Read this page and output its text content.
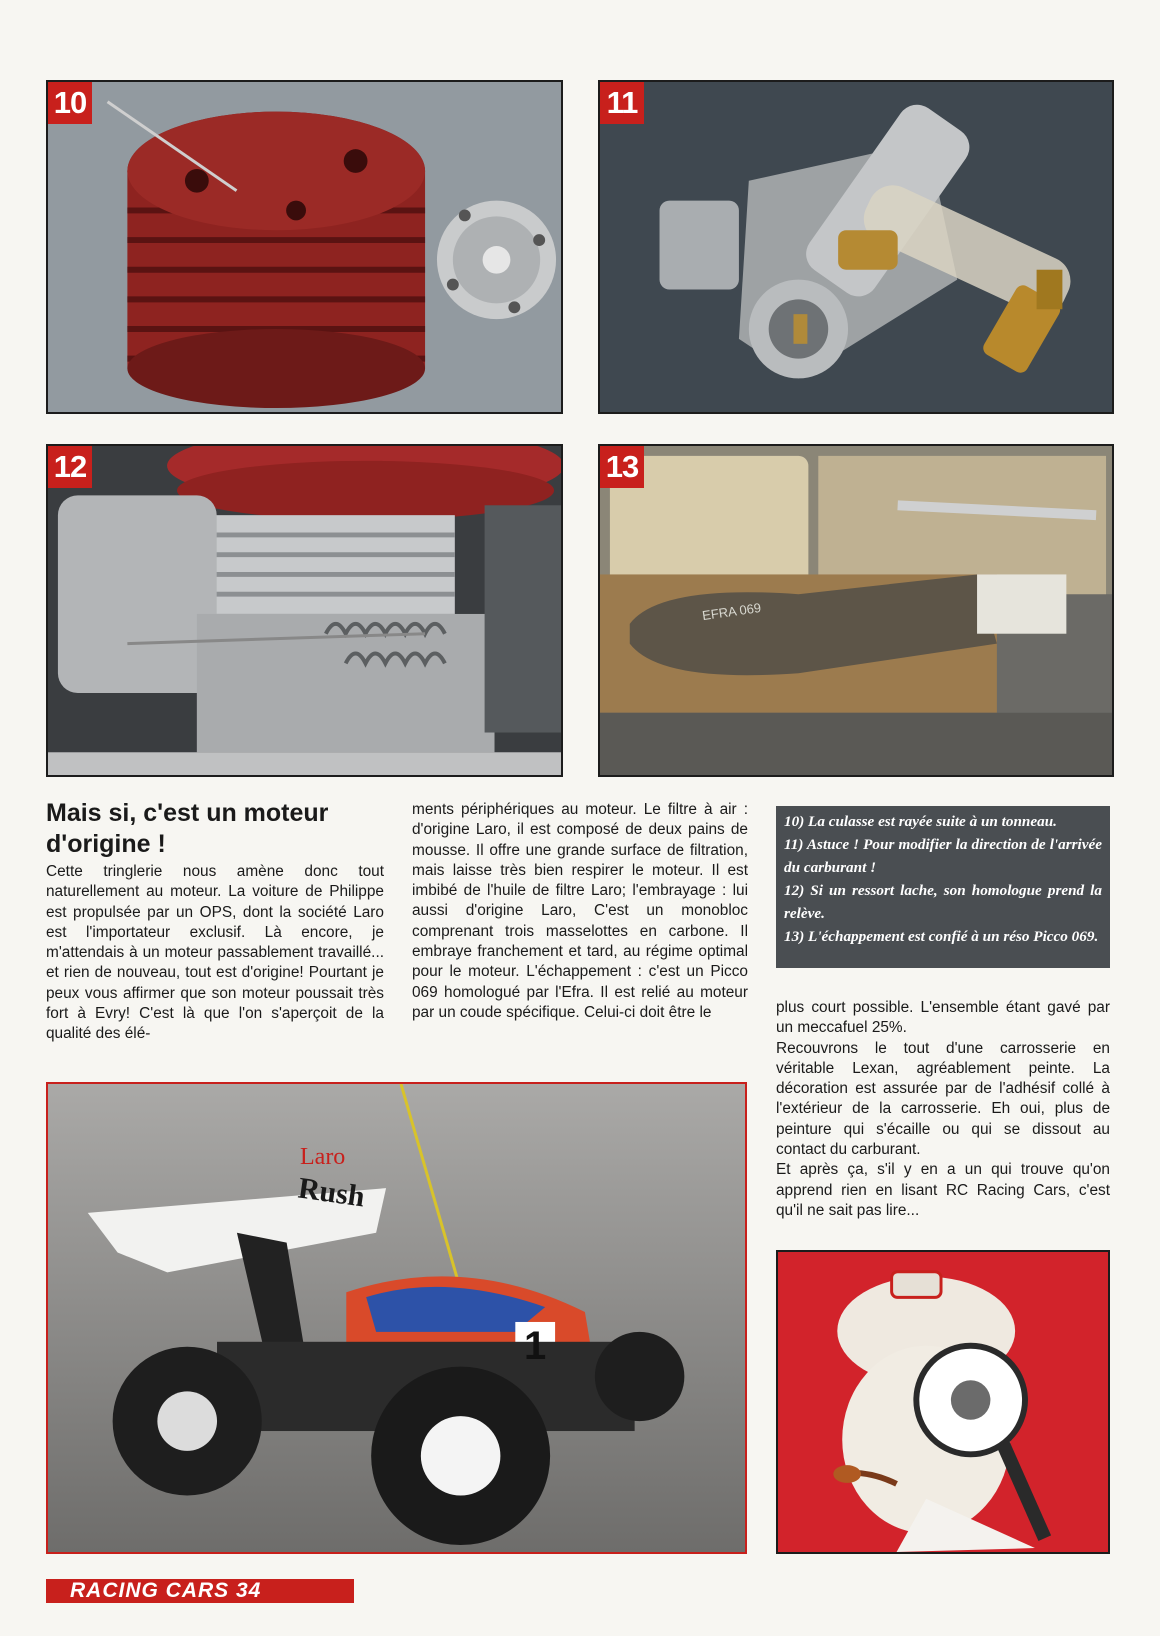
10	11
12	13
EFRA 069
Mais si, c'est un moteur d'origine !

Cette tringlerie nous amène donc tout naturellement au moteur. La voiture de Philippe est propulsée par un OPS, dont la société Laro est l'importateur exclusif. Là encore, je m'attendais à un moteur passablement travaillé... et rien de nouveau, tout est d'origine! Pourtant je peux vous affirmer que son moteur poussait très fort à Evry! C'est là que l'on s'aperçoit de la qualité des élé-

ments périphériques au moteur. Le filtre à air : d'origine Laro, il est composé de deux pains de mousse. Il offre une grande surface de filtration, mais laisse très bien respirer le moteur. Il est imbibé de l'huile de filtre Laro; l'embrayage : lui aussi d'origine Laro, C'est un monobloc comprenant trois masselottes en carbone. Il embraye franchement et tard, au régime optimal pour le moteur. L'échappement : c'est un Picco 069 homologué par l'Efra. Il est relié au moteur par un coude spécifique. Celui-ci doit être le

10) La culasse est rayée suite à un tonneau.
11) Astuce ! Pour modifier la direction de l'arrivée du carburant !
12) Si un ressort lache, son homologue prend la relève.
13) L'échappement est confié à un réso Picco 069.

plus court possible. L'ensemble étant gavé par un meccafuel 25%.

Recouvrons le tout d'une carrosserie en véritable Lexan, agréablement peinte. La décoration est assurée par de l'adhésif collé à l'extérieur de la carrosserie. Eh oui, plus de peinture qui s'écaille ou qui se dissout au contact du carburant.

Et après ça, s'il y en a un qui trouve qu'on apprend rien en lisant RC Racing Cars, c'est qu'il ne sait pas lire...

Laro
Rush
1
RACING CARS 34
